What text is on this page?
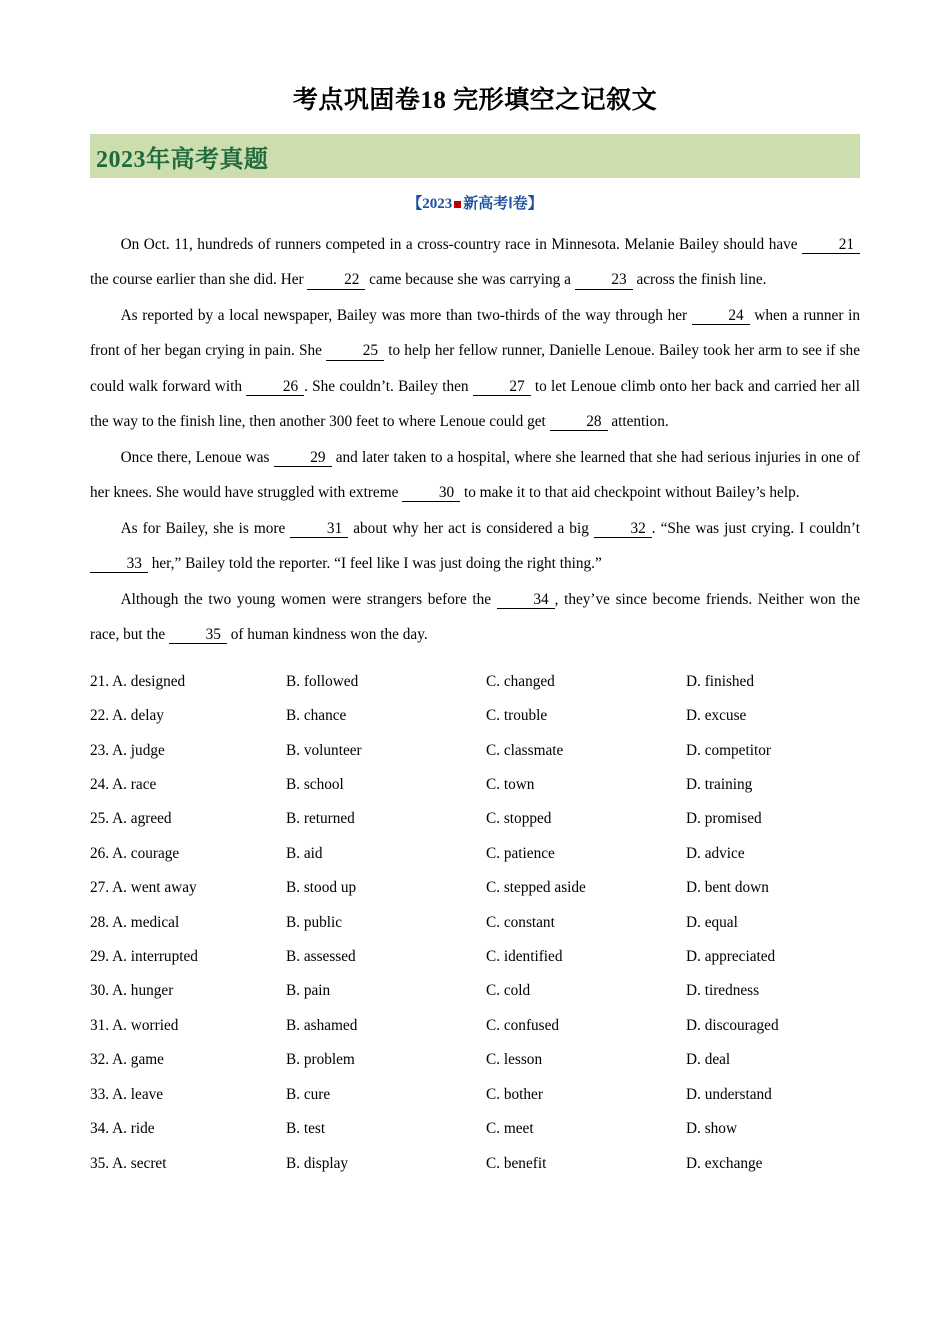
考点巩固卷18 完形填空之记叙文
2023年高考真题
【2023 新高考Ⅰ卷】

On Oct. 11, hundreds of runners competed in a cross-country race in Minnesota. Melanie Bailey should have 21 the course earlier than she did. Her 22 came because she was carrying a 23 across the finish line.

As reported by a local newspaper, Bailey was more than two-thirds of the way through her 24 when a runner in front of her began crying in pain. She 25 to help her fellow runner, Danielle Lenoue. Bailey took her arm to see if she could walk forward with 26 . She couldn’t. Bailey then 27 to let Lenoue climb onto her back and carried her all the way to the finish line, then another 300 feet to where Lenoue could get 28 attention.

Once there, Lenoue was 29 and later taken to a hospital, where she learned that she had serious injuries in one of her knees. She would have struggled with extreme 30 to make it to that aid checkpoint without Bailey’s help.

As for Bailey, she is more 31 about why her act is considered a big 32 . “She was just crying. I couldn’t 33 her,” Bailey told the reporter. “I feel like I was just doing the right thing.”

Although the two young women were strangers before the 34 , they’ve since become friends. Neither won the race, but the 35 of human kindness won the day.

21. A. designed	B. followed	C. changed	D. finished
22. A. delay	B. chance	C. trouble	D. excuse
23. A. judge	B. volunteer	C. classmate	D. competitor
24. A. race	B. school	C. town	D. training
25. A. agreed	B. returned	C. stopped	D. promised
26. A. courage	B. aid	C. patience	D. advice
27. A. went away	B. stood up	C. stepped aside	D. bent down
28. A. medical	B. public	C. constant	D. equal
29. A. interrupted	B. assessed	C. identified	D. appreciated
30. A. hunger	B. pain	C. cold	D. tiredness
31. A. worried	B. ashamed	C. confused	D. discouraged
32. A. game	B. problem	C. lesson	D. deal
33. A. leave	B. cure	C. bother	D. understand
34. A. ride	B. test	C. meet	D. show
35. A. secret	B. display	C. benefit	D. exchange
